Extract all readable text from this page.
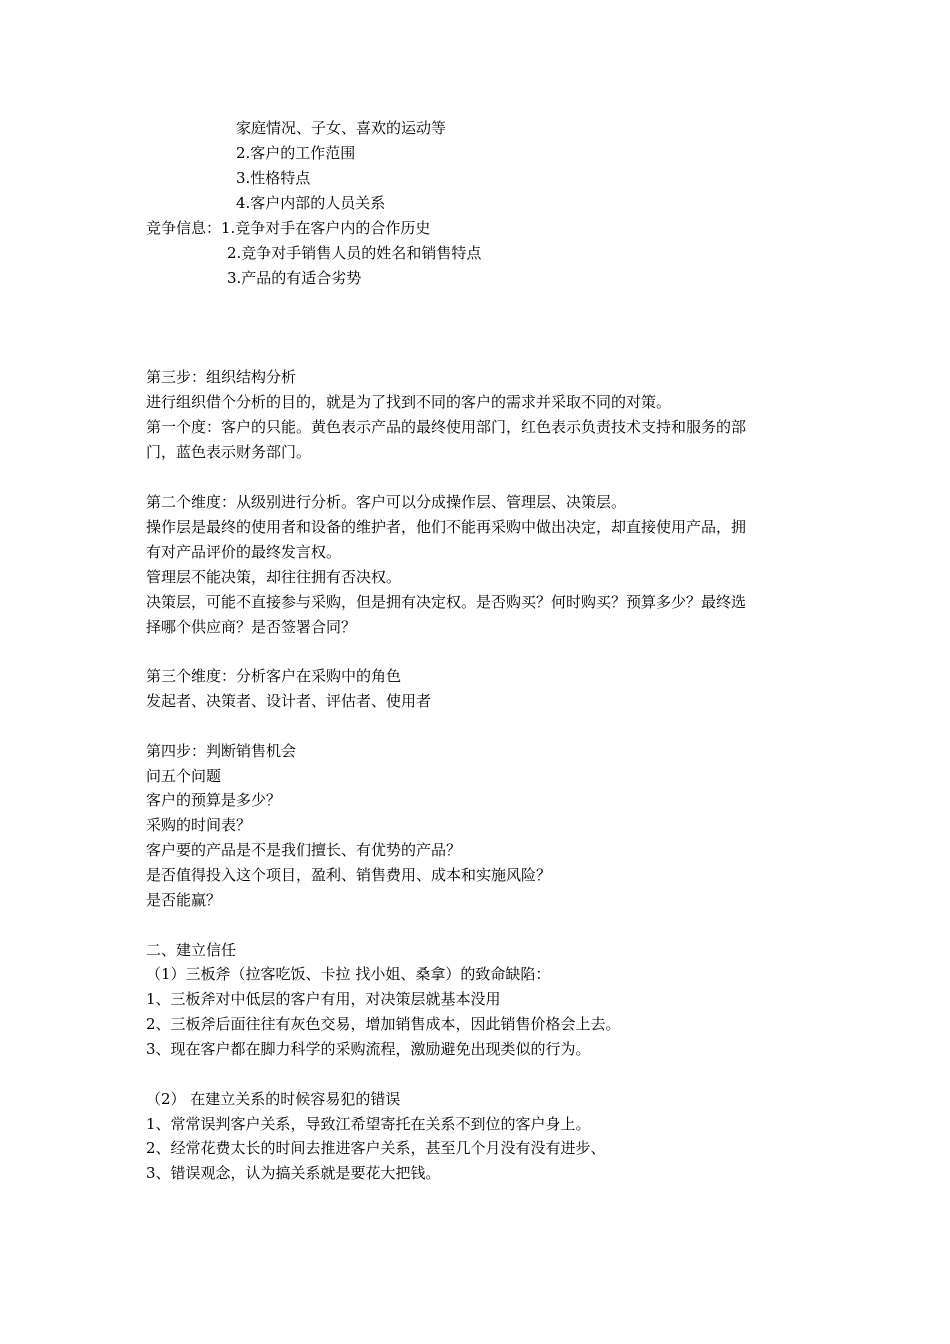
家庭情况、子女、喜欢的运动等
2.客户的工作范围
3.性格特点
4.客户内部的人员关系
竞争信息：1.竞争对手在客户内的合作历史
2.竞争对手销售人员的姓名和销售特点
3.产品的有适合劣势
第三步：组织结构分析
进行组织借个分析的目的，就是为了找到不同的客户的需求并采取不同的对策。
第一个度：客户的只能。黄色表示产品的最终使用部门，红色表示负责技术支持和服务的部
门，蓝色表示财务部门。
第二个维度：从级别进行分析。客户可以分成操作层、管理层、决策层。
操作层是最终的使用者和设备的维护者，他们不能再采购中做出决定，却直接使用产品，拥
有对产品评价的最终发言权。
管理层不能决策，却往往拥有否决权。
决策层，可能不直接参与采购，但是拥有决定权。是否购买？何时购买？预算多少？最终选
择哪个供应商？是否签署合同？
第三个维度：分析客户在采购中的角色
发起者、决策者、设计者、评估者、使用者
第四步：判断销售机会
问五个问题
客户的预算是多少？
采购的时间表？
客户要的产品是不是我们擅长、有优势的产品？
是否值得投入这个项目，盈利、销售费用、成本和实施风险？
是否能赢？
二、建立信任
（1）三板斧（拉客吃饭、卡拉 找小姐、桑拿）的致命缺陷：
1、三板斧对中低层的客户有用，对决策层就基本没用
2、三板斧后面往往有灰色交易，增加销售成本，因此销售价格会上去。
3、现在客户都在脚力科学的采购流程，激励避免出现类似的行为。
（2） 在建立关系的时候容易犯的错误
1、常常误判客户关系，导致江希望寄托在关系不到位的客户身上。
2、经常花费太长的时间去推进客户关系，甚至几个月没有没有进步、
3、错误观念，认为搞关系就是要花大把钱。
